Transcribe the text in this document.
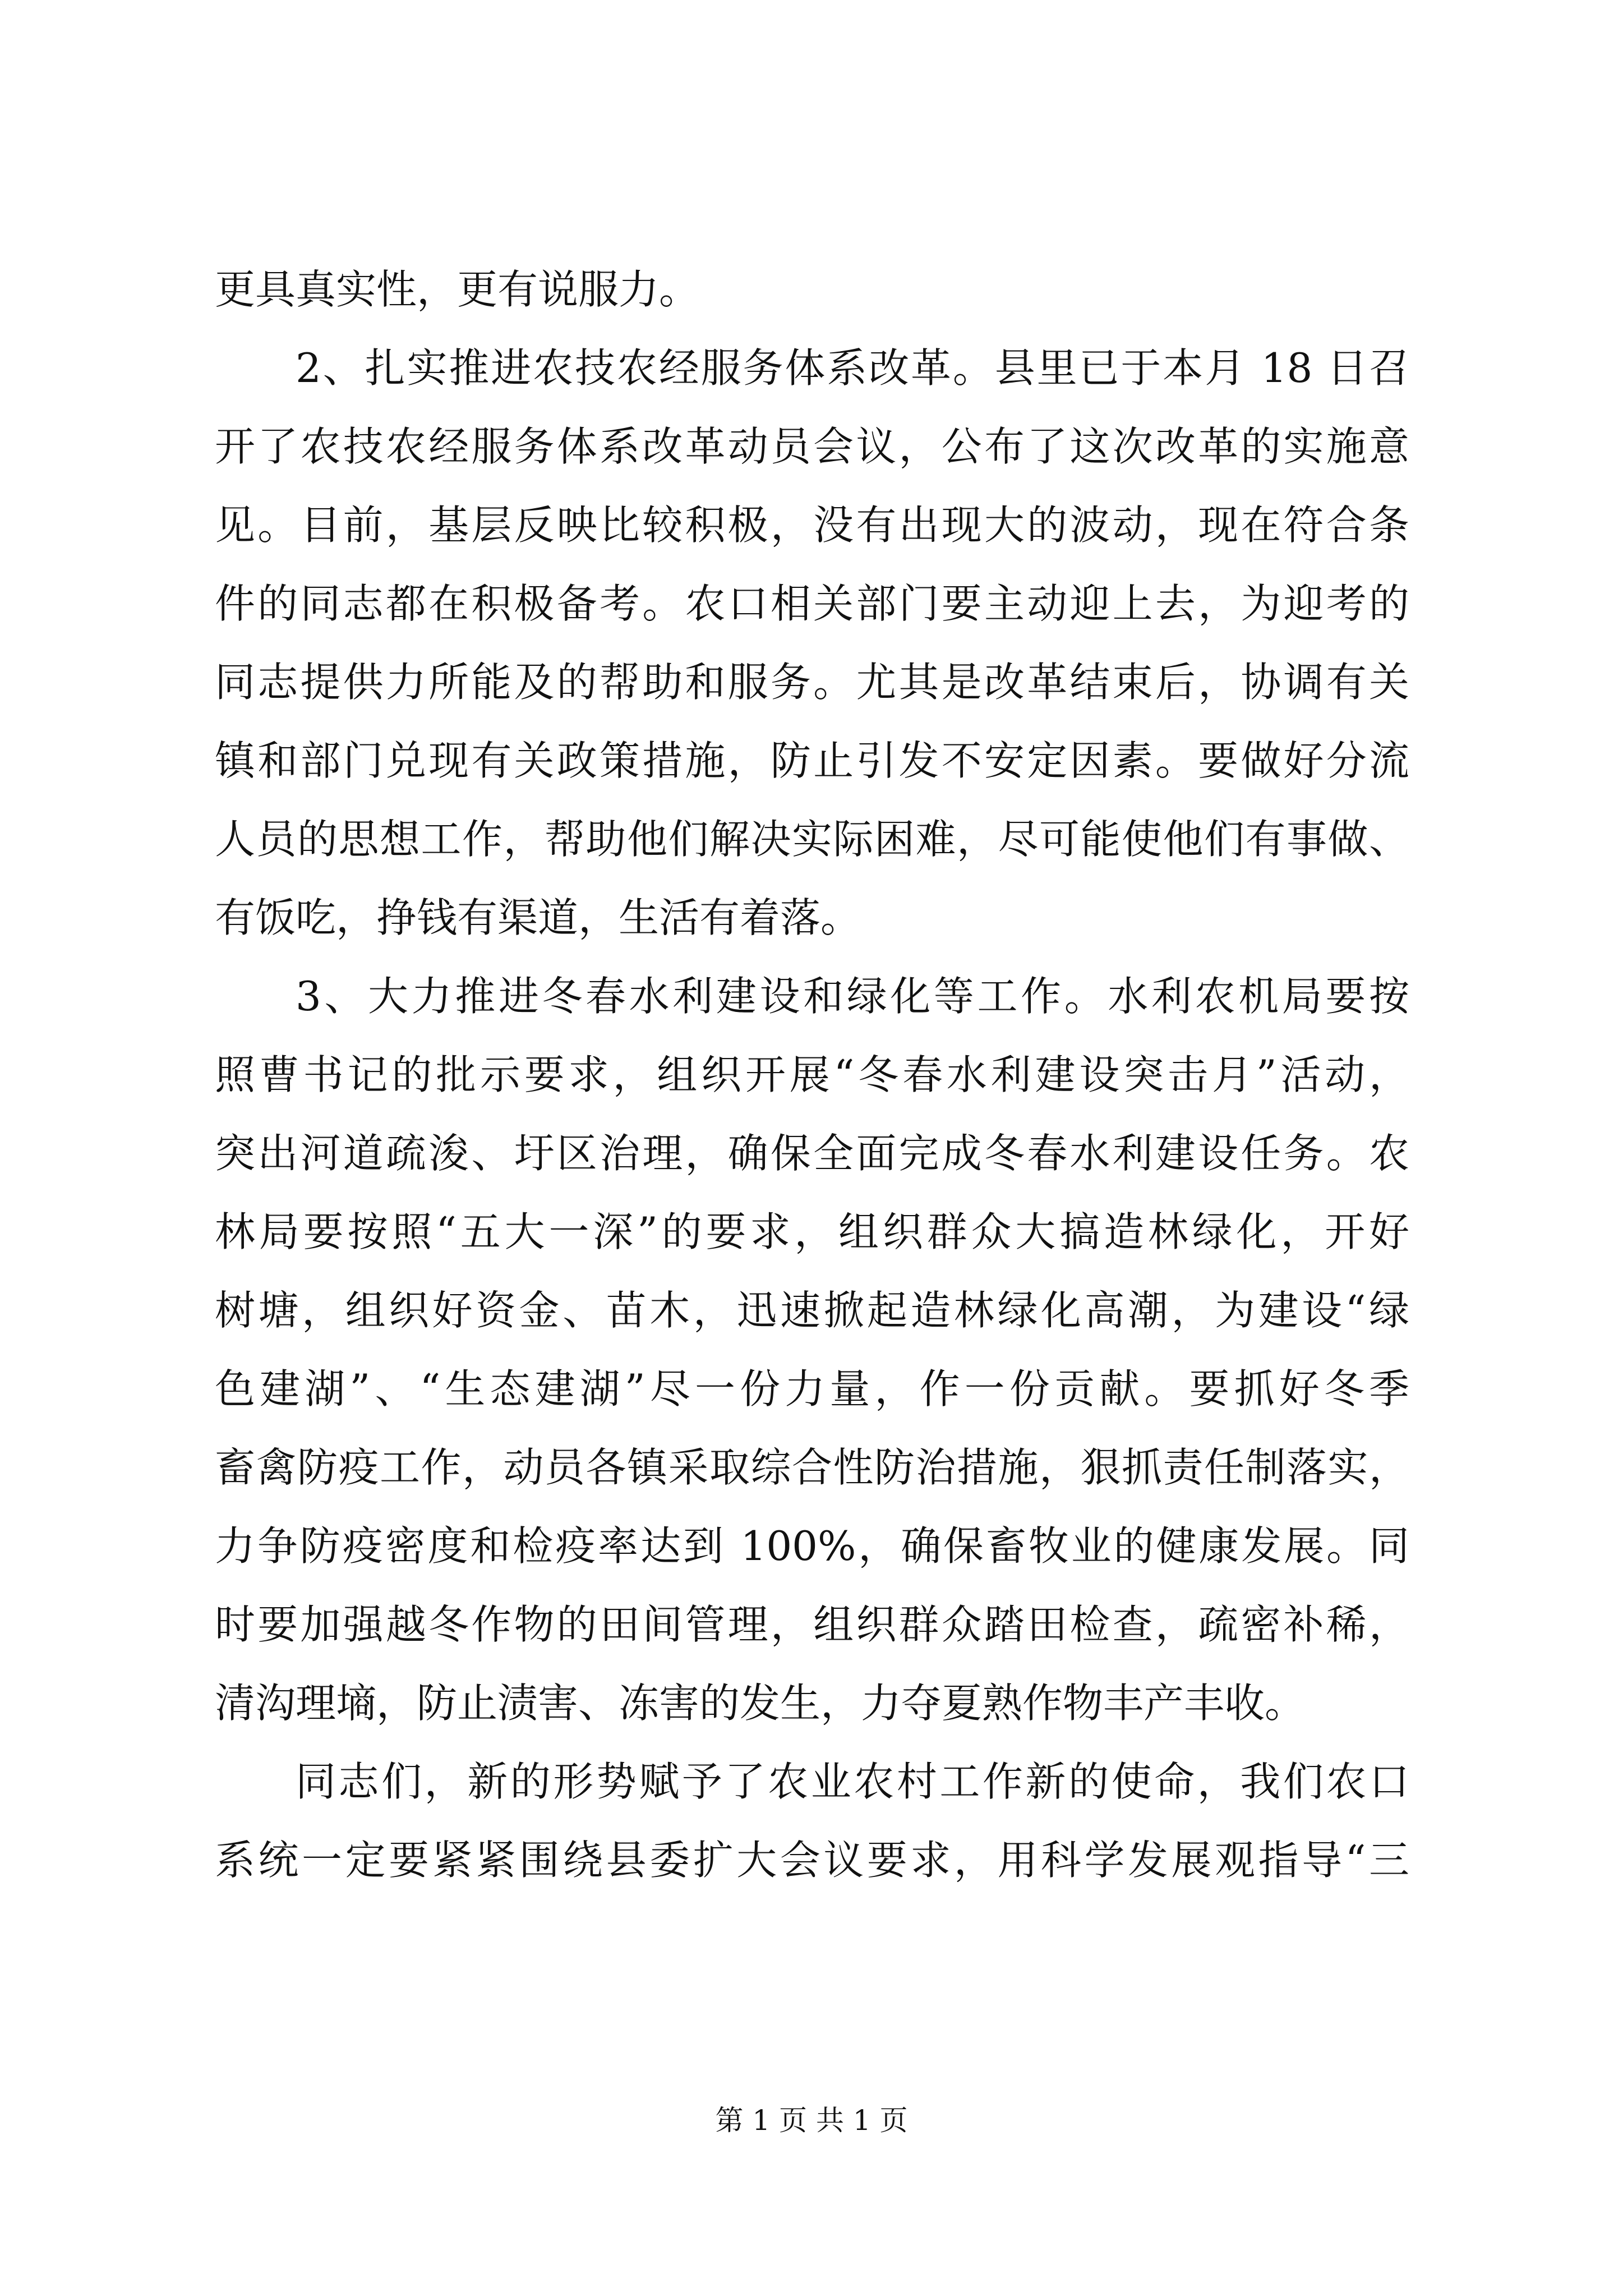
更具真实性，更有说服力。
2、扎实推进农技农经服务体系改革。县里已于本月 18 日召
开了农技农经服务体系改革动员会议，公布了这次改革的实施意
见。目前，基层反映比较积极，没有出现大的波动，现在符合条
件的同志都在积极备考。农口相关部门要主动迎上去，为迎考的
同志提供力所能及的帮助和服务。尤其是改革结束后，协调有关
镇和部门兑现有关政策措施，防止引发不安定因素。要做好分流
人员的思想工作，帮助他们解决实际困难，尽可能使他们有事做、
有饭吃，挣钱有渠道，生活有着落。
3、大力推进冬春水利建设和绿化等工作。水利农机局要按
照曹书记的批示要求，组织开展“冬春水利建设突击月”活动，
突出河道疏浚、圩区治理，确保全面完成冬春水利建设任务。农
林局要按照“五大一深”的要求，组织群众大搞造林绿化，开好
树塘，组织好资金、苗木，迅速掀起造林绿化高潮，为建设“绿
色建湖”、“生态建湖”尽一份力量，作一份贡献。要抓好冬季
畜禽防疫工作，动员各镇采取综合性防治措施，狠抓责任制落实，
力争防疫密度和检疫率达到 100%，确保畜牧业的健康发展。同
时要加强越冬作物的田间管理，组织群众踏田检查，疏密补稀，
清沟理墒，防止渍害、冻害的发生，力夺夏熟作物丰产丰收。
同志们，新的形势赋予了农业农村工作新的使命，我们农口
系统一定要紧紧围绕县委扩大会议要求，用科学发展观指导“三
第 1 页 共 1 页
